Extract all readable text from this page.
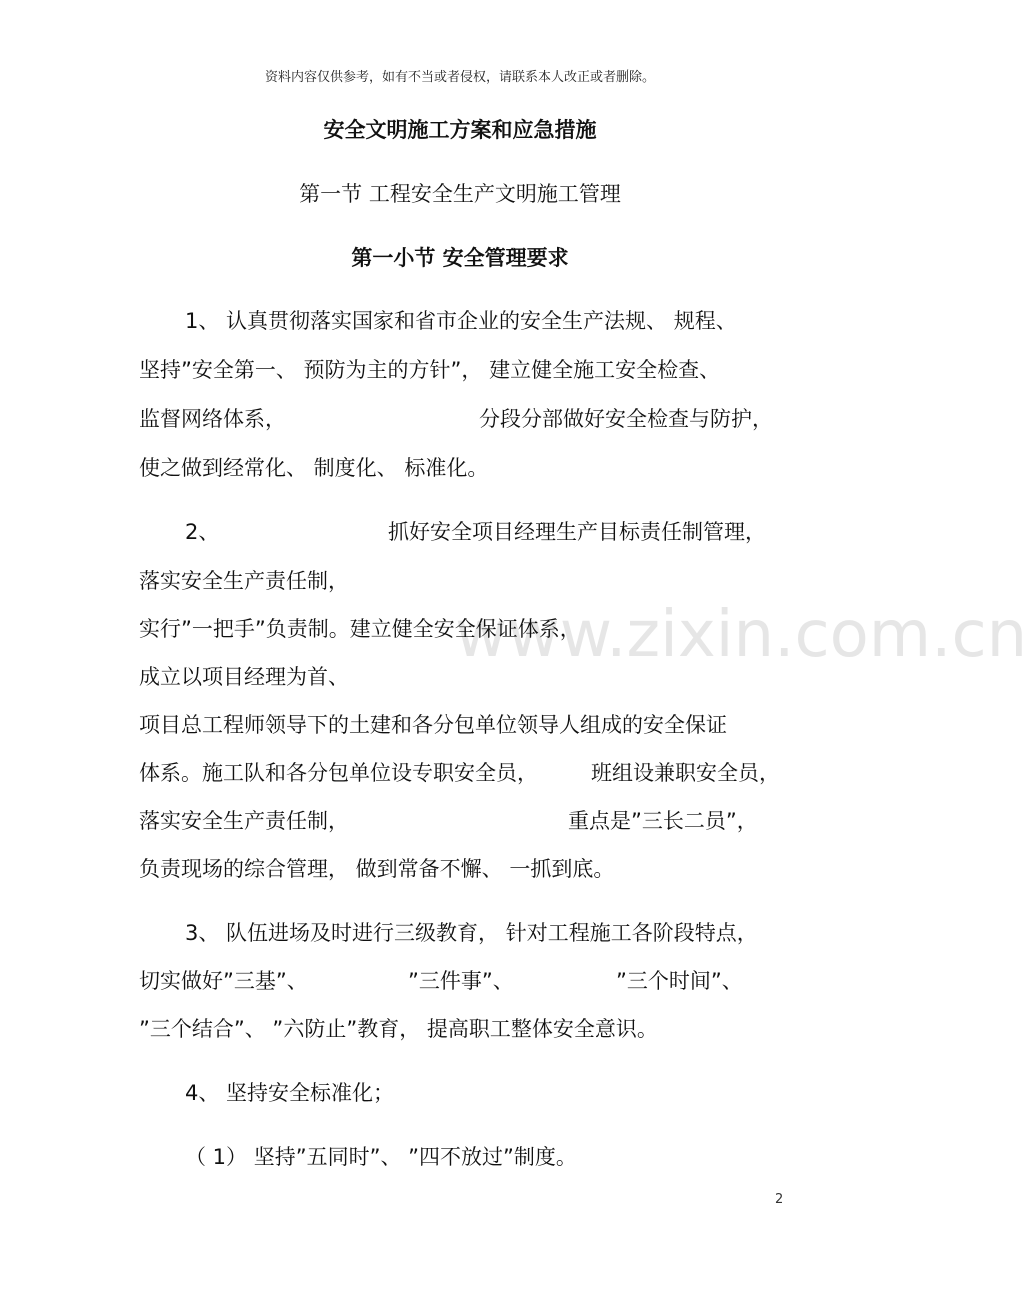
资料内容仅供参考，如有不当或者侵权，请联系本人改正或者删除。
安全文明施工方案和应急措施
第一节 工程安全生产文明施工管理
第一小节 安全管理要求
www.zixin.com.cn
1、 认真贯彻落实国家和省市企业的安全生产法规、 规程、
坚持”安全第一、 预防为主的方针”， 建立健全施工安全检查、
监督网络体系，	分段分部做好安全检查与防护，
使之做到经常化、 制度化、 标准化。
2、	抓好安全项目经理生产目标责任制管理，
落实安全生产责任制，
实行”一把手”负责制。建立健全安全保证体系，
成立以项目经理为首、
项目总工程师领导下的土建和各分包单位领导人组成的安全保证
体系。施工队和各分包单位设专职安全员，	班组设兼职安全员，
落实安全生产责任制，	重点是”三长二员”，
负责现场的综合管理， 做到常备不懈、 一抓到底。
3、 队伍进场及时进行三级教育， 针对工程施工各阶段特点，
切实做好”三基”、	”三件事”、	”三个时间”、
”三个结合”、 ”六防止”教育， 提高职工整体安全意识。
4、 坚持安全标准化；
（ 1） 坚持”五同时”、 ”四不放过”制度。
2
